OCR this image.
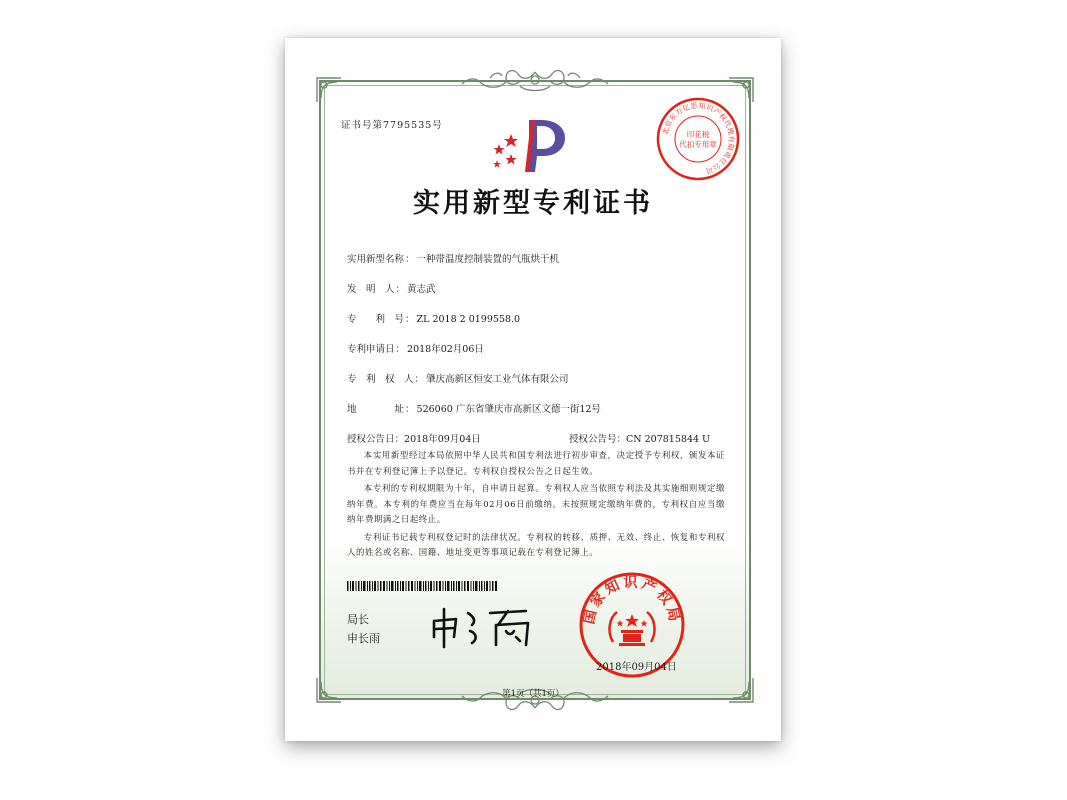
证书号第7795535号	北京东方亿思知识产权代理有限责任公司
印花税
代扣专用章
实用新型专利证书
实用新型名称： 一种带温度控制装置的气瓶烘干机
发　明　人： 黄志武
专　　利　号： ZL 2018 2 0199558.0
专利申请日： 2018年02月06日
专　利　权　人： 肇庆高新区恒安工业气体有限公司
地　　　　址： 526060 广东省肇庆市高新区文德一街12号
授权公告日：2018年09月04日	授权公告号：CN 207815844 U

本实用新型经过本局依照中华人民共和国专利法进行初步审查，决定授予专利权，颁发本证书并在专利登记簿上予以登记。专利权自授权公告之日起生效。

本专利的专利权期限为十年，自申请日起算。专利权人应当依照专利法及其实施细则规定缴纳年费。本专利的年费应当在每年02月06日前缴纳。未按照规定缴纳年费的，专利权自应当缴纳年费期满之日起终止。

专利证书记载专利权登记时的法律状况。专利权的转移、质押、无效、终止、恢复和专利权人的姓名或名称、国籍、地址变更等事项记载在专利登记簿上。

局长
申长雨
国家知识产权局
2018年09月04日
第1页（共1页）
